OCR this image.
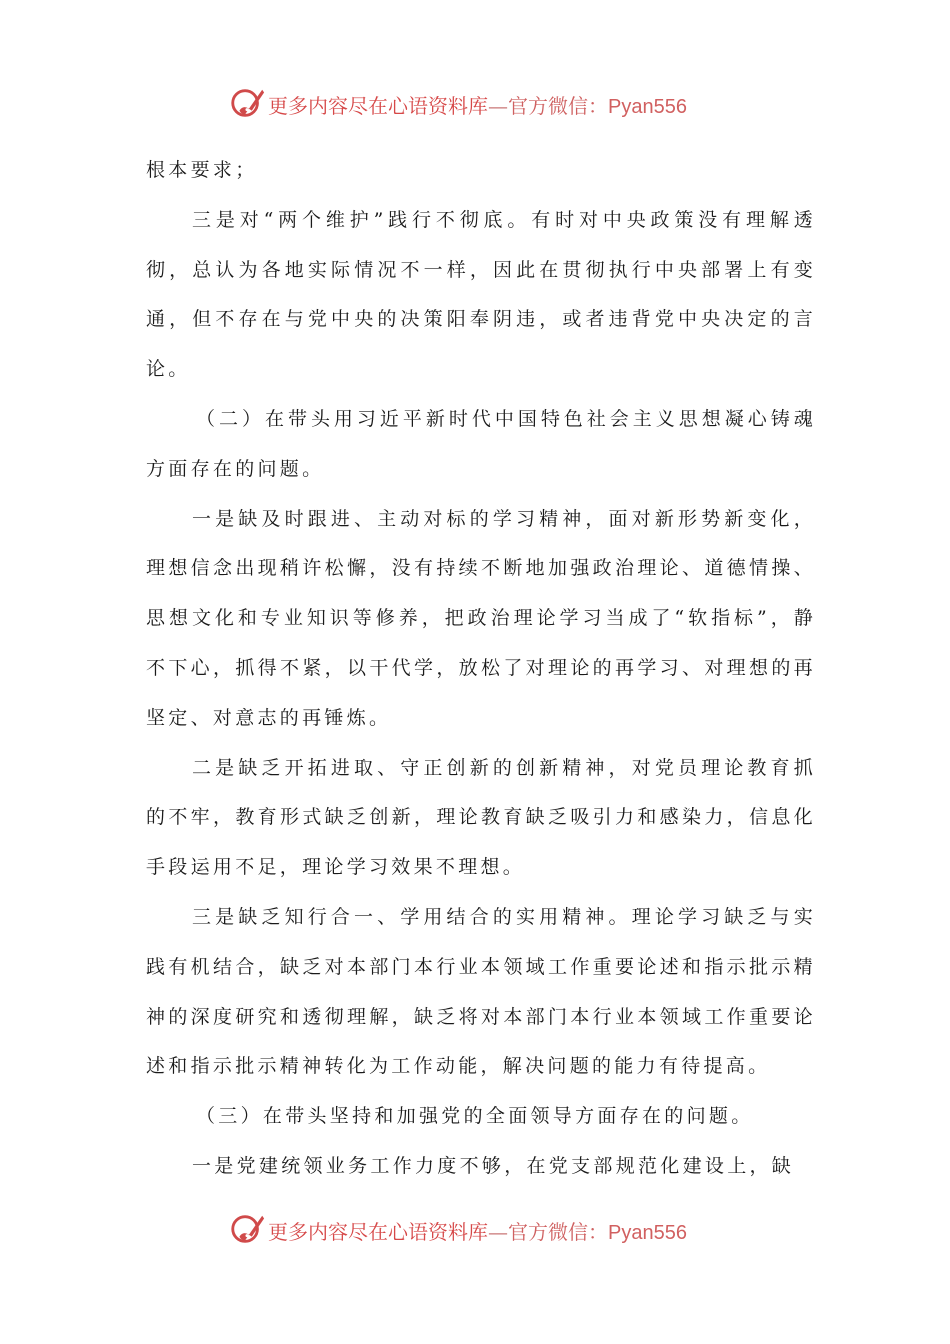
更多内容尽在心语资料库—官方微信：Pyan556

根本要求；

三是对“两个维护”践行不彻底。有时对中央政策没有理解透彻，总认为各地实际情况不一样，因此在贯彻执行中央部署上有变通，但不存在与党中央的决策阳奉阴违，或者违背党中央决定的言论。

（二）在带头用习近平新时代中国特色社会主义思想凝心铸魂方面存在的问题。

一是缺及时跟进、主动对标的学习精神，面对新形势新变化，理想信念出现稍许松懈，没有持续不断地加强政治理论、道德情操、思想文化和专业知识等修养，把政治理论学习当成了“软指标”，静不下心，抓得不紧，以干代学，放松了对理论的再学习、对理想的再坚定、对意志的再锤炼。

二是缺乏开拓进取、守正创新的创新精神，对党员理论教育抓的不牢，教育形式缺乏创新，理论教育缺乏吸引力和感染力，信息化手段运用不足，理论学习效果不理想。

三是缺乏知行合一、学用结合的实用精神。理论学习缺乏与实践有机结合，缺乏对本部门本行业本领域工作重要论述和指示批示精神的深度研究和透彻理解，缺乏将对本部门本行业本领域工作重要论述和指示批示精神转化为工作动能，解决问题的能力有待提高。

（三）在带头坚持和加强党的全面领导方面存在的问题。

一是党建统领业务工作力度不够，在党支部规范化建设上，缺

更多内容尽在心语资料库—官方微信：Pyan556
